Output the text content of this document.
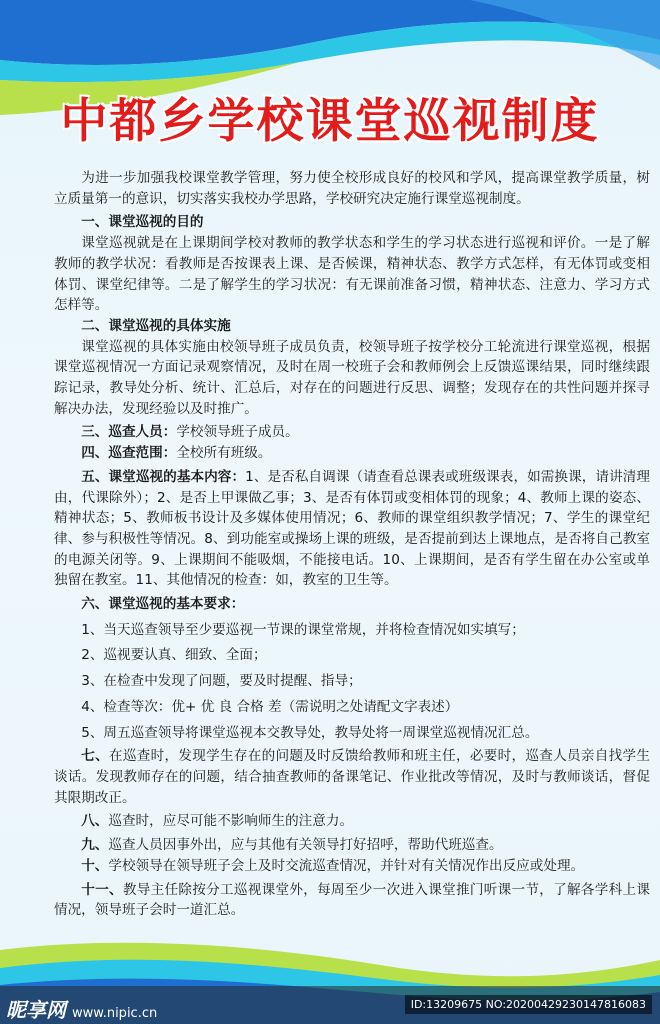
中都乡学校课堂巡视制度

为进一步加强我校课堂教学管理，努力使全校形成良好的校风和学风，提高课堂教学质量，树立质量第一的意识，切实落实我校办学思路，学校研究决定施行课堂巡视制度。

一、课堂巡视的目的

课堂巡视就是在上课期间学校对教师的教学状态和学生的学习状态进行巡视和评价。一是了解教师的教学状况：看教师是否按课表上课、是否候课，精神状态、教学方式怎样，有无体罚或变相体罚、课堂纪律等。二是了解学生的学习状况：有无课前准备习惯，精神状态、注意力、学习方式怎样等。

二、课堂巡视的具体实施

课堂巡视的具体实施由校领导班子成员负责，校领导班子按学校分工轮流进行课堂巡视，根据课堂巡视情况一方面记录观察情况，及时在周一校班子会和教师例会上反馈巡课结果，同时继续跟踪记录，教导处分析、统计、汇总后，对存在的问题进行反思、调整；发现存在的共性问题并探寻解决办法，发现经验以及时推广。

三、巡查人员：学校领导班子成员。

四、巡查范围：全校所有班级。

五、课堂巡视的基本内容：1、是否私自调课（请查看总课表或班级课表，如需换课，请讲清理由，代课除外）；2、是否上甲课做乙事；3、是否有体罚或变相体罚的现象；4、教师上课的姿态、精神状态；5、教师板书设计及多媒体使用情况；6、教师的课堂组织教学情况；7、学生的课堂纪律、参与积极性等情况。8、到功能室或操场上课的班级，是否提前到达上课地点，是否将自己教室的电源关闭等。9、上课期间不能吸烟，不能接电话。10、上课期间，是否有学生留在办公室或单独留在教室。11、其他情况的检查：如，教室的卫生等。

六、课堂巡视的基本要求：

1、当天巡查领导至少要巡视一节课的课堂常规，并将检查情况如实填写；

2、巡视要认真、细致、全面；

3、在检查中发现了问题，要及时提醒、指导；

4、检查等次：优+ 优 良 合格 差（需说明之处请配文字表述）

5、周五巡查领导将课堂巡视本交教导处，教导处将一周课堂巡视情况汇总。

七、在巡查时，发现学生存在的问题及时反馈给教师和班主任，必要时，巡查人员亲自找学生谈话。发现教师存在的问题，结合抽查教师的备课笔记、作业批改等情况，及时与教师谈话，督促其限期改正。

八、巡查时，应尽可能不影响师生的注意力。

九、巡查人员因事外出，应与其他有关领导打好招呼，帮助代班巡查。

十、学校领导在领导班子会上及时交流巡查情况，并针对有关情况作出反应或处理。

十一、教导主任除按分工巡视课堂外，每周至少一次进入课堂推门听课一节，了解各学科上课情况，领导班子会时一道汇总。

昵享网 www.nipic.cn
ID:13209675 NO:20200429230147816083
